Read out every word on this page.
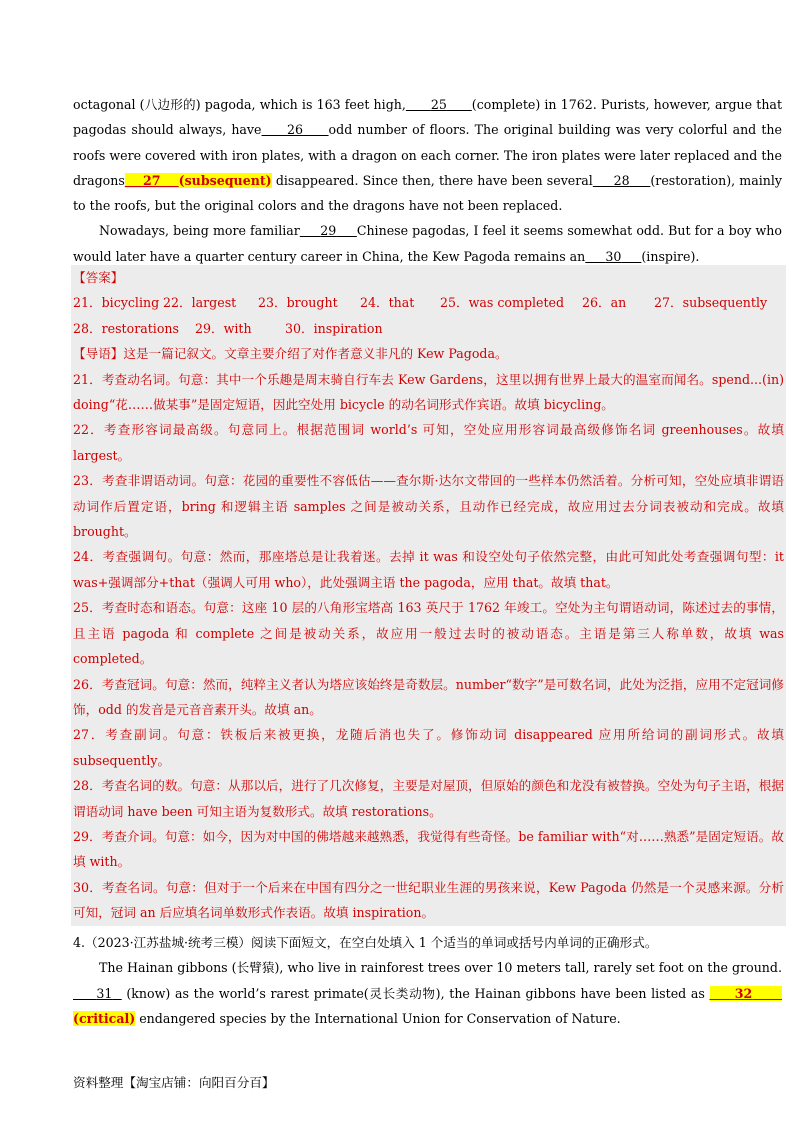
octagonal (八边形的) pagoda, which is 163 feet high, 25 (complete) in 1762. Purists, however, argue that pagodas should always, have 26 odd number of floors. The original building was very colorful and the roofs were covered with iron plates, with a dragon on each corner. The iron plates were later replaced and the dragons 27 (subsequent) disappeared. Since then, there have been several 28 (restoration), mainly to the roofs, but the original colors and the dragons have not been replaced.

Nowadays, being more familiar 29 Chinese pagodas, I feel it seems somewhat odd. But for a boy who would later have a quarter century career in China, the Kew Pagoda remains an 30 (inspire).

【答案】

21．bicycling 22．largest 23．brought 24．that 25．was completed 26．an 27．subsequently

28．restorations 29．with	30．inspiration

【导语】这是一篇记叙文。文章主要介绍了对作者意义非凡的 Kew Pagoda。

21．考查动名词。句意：其中一个乐趣是周末骑自行车去 Kew Gardens，这里以拥有世界上最大的温室而闻名。spend...(in) doing“花……做某事”是固定短语，因此空处用 bicycle 的动名词形式作宾语。故填 bicycling。

22．考查形容词最高级。句意同上。根据范围词 world’s 可知，空处应用形容词最高级修饰名词 greenhouses。故填 largest。

23．考查非谓语动词。句意：花园的重要性不容低估——查尔斯·达尔文带回的一些样本仍然活着。分析可知，空处应填非谓语动词作后置定语，bring 和逻辑主语 samples 之间是被动关系，且动作已经完成，故应用过去分词表被动和完成。故填 brought。

24．考查强调句。句意：然而，那座塔总是让我着迷。去掉 it was 和设空处句子依然完整，由此可知此处考查强调句型：it was+强调部分+that（强调人可用 who），此处强调主语 the pagoda，应用 that。故填 that。

25．考查时态和语态。句意：这座 10 层的八角形宝塔高 163 英尺于 1762 年竣工。空处为主句谓语动词，陈述过去的事情，且主语 pagoda 和 complete 之间是被动关系，故应用一般过去时的被动语态。主语是第三人称单数，故填 was completed。

26．考查冠词。句意：然而，纯粹主义者认为塔应该始终是奇数层。number“数字”是可数名词，此处为泛指，应用不定冠词修饰，odd 的发音是元音音素开头。故填 an。

27．考查副词。句意：铁板后来被更换，龙随后消也失了。修饰动词 disappeared 应用所给词的副词形式。故填 subsequently。

28．考查名词的数。句意：从那以后，进行了几次修复，主要是对屋顶，但原始的颜色和龙没有被替换。空处为句子主语，根据谓语动词 have been 可知主语为复数形式。故填 restorations。

29．考查介词。句意：如今，因为对中国的佛塔越来越熟悉，我觉得有些奇怪。be familiar with“对……熟悉”是固定短语。故填 with。

30．考查名词。句意：但对于一个后来在中国有四分之一世纪职业生涯的男孩来说，Kew Pagoda 仍然是一个灵感来源。分析可知，冠词 an 后应填名词单数形式作表语。故填 inspiration。

4.（2023·江苏盐城·统考三模）阅读下面短文，在空白处填入 1 个适当的单词或括号内单词的正确形式。

The Hainan gibbons (长臂猿), who live in rainforest trees over 10 meters tall, rarely set foot on the ground.      31 (know) as the world’s rarest primate(灵长类动物), the Hainan gibbons have been listed as 32       (critical) endangered species by the International Union for Conservation of Nature.

资料整理【淘宝店铺：向阳百分百】
